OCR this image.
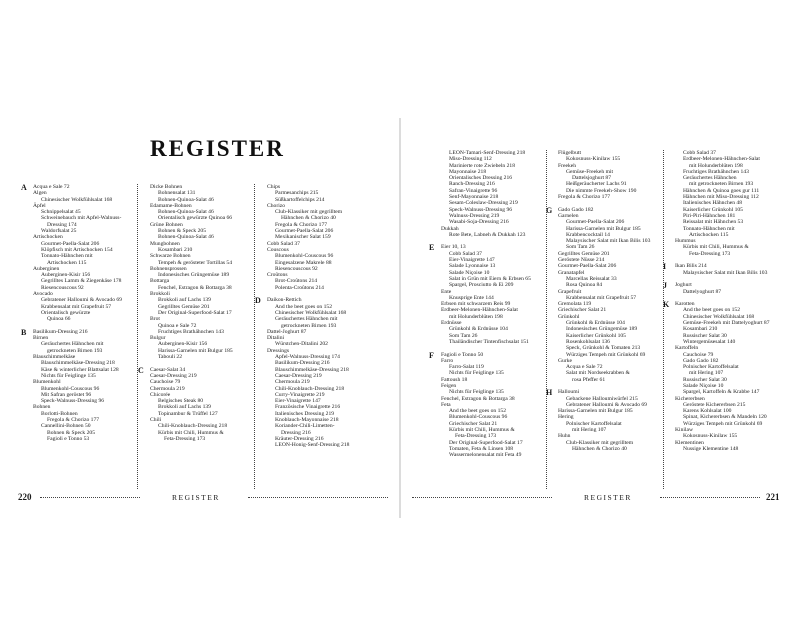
REGISTER
A Acqua e Sale 72
Algen
Chinesischer Wolkfühlsalat 168
Äpfel
Schnippelsalat 45
Schweinebauch mit Apfel-Walnuss-
Dressing 174
Waldorfsalat 25
Artischocken
Gourmet-Paella-Salat 206
Klöpfisch mit Artischocken 154
Tonnato-Hähnchen mit
Artischocken 115
Auberginen
Auberginen-Kisir 156
Gegrilltes Lamm & Ziegenkäse 178
Riesencouscous 92
Avocado
Gebratener Halloumi & Avocado 69
Krabbensalat mit Grapefruit 57
Orientalisch gewürzte
Quinoa 66

B Basilikum-Dressing 216
Birnen
Geräuchertes Hähnchen mit
getrockneten Birnen 193
Blauschimmelkäse
Blauschimmelkäse-Dressing 218
Käse & winterlicher Blattsalat 128
Nichts für Feiglinge 135
Blumenkohl
Blumenkohl-Couscous 96
Mit Safran geröstet 96
Speck-Walnuss-Dressing 96
Bohnen
Borlotti-Bohnen
Fregola & Chorizo 177
Cannellini-Bohnen 50
Bohnen & Speck 205
Fagioli e Tonno 53
Dicke Bohnen
Bohnensalat 131
Bohnen-Quinoa-Salat 46
Edamame-Bohnen
Bohnen-Quinoa-Salat 46
Orientalisch gewürzte Quinoa 66
Grüne Bohnen
Bohnen & Speck 205
Bohnen-Quinoa-Salat 46
Mungbohnen
Kosambari 210
Schwarze Bohnen
Tempeh & gerösteter Tortillas 54
Bohnensprossen
Indonesisches Grüngemüse 189
Bottarga
Fenchel, Estragon & Bottarga 38
Brokkoli
Brokkoli auf Lachs 139
Gegrilltes Gemüse 201
Der Original-Superfood-Salat 17
Brot
Quinoa e Sale 72
Fruchtiges Brathähnchen 143
Bulgur
Auberginen-Kisir 156
Harissa-Garnelen mit Bulgur 185
Tabouli 22

C Caesar-Salat 34
Caesar-Dressing 219
Cauchoise 79
Chermoula 219
Chicorée
Belgisches Steak 80
Brokkoli auf Lachs 139
Topinambur & Trüffel 127
Chili
Chili-Knoblauch-Dressing 218
Kürbis mit Chili, Hummus &
Feta-Dressing 173
Chips
Parmesanchips 215
Süßkartoffelchips 214
Chorizo
Club-Klassiker mit gegrilltem
Hähnchen & Chorizo 40
Fregola & Chorizo 177
Gourmet-Paella-Salat 206
Mexikanischer Salat 159
Cobb Salad 37
Couscous
Blumenkohl-Couscous 96
Eingesalzene Makrele 88
Riesencouscous 92
Croûtons
Brot-Croûtons 214
Polenta-Croûtons 214

D Daikon-Rettich
And the beet goes on 152
Chinesischer Wolkfühlsalat 168
Geräuchertes Hähnchen mit
getrockneten Birnen 193
Dattel-Joghurt 87
Ditalini
Würstchen-Ditalini 202
Dressings
Apfel-Walnuss-Dressing 174
Basilikum-Dressing 216
Blauschimmelkäse-Dressing 218
Caesar-Dressing 219
Chermoula 219
Chili-Knoblauch-Dressing 218
Curry-Vinaigrette 219
Eier-Vinaigrette 147
Französische Vinaigrette 216
Italienisches Dressing 219
Knoblauch-Mayonnaise 218
Koriander-Chili-Limetten-
Dressing 216
Kräuter-Dressing 216
LEON-Honig-Senf-Dressing 218
LEON-Tamari-Senf-Dressing 218
Miso-Dressing 112
Marinierte rote Zwiebeln 218
Mayonnaise 218
Orientalisches Dressing 216
Ranch-Dressing 216
Safran-Vinaigrette 96
Senf-Mayonnaise 218
Sesam-Coleslaw-Dressing 219
Speck-Walnuss-Dressing 96
Walnuss-Dressing 219
Wasabi-Soja-Dressing 216
Dukkah
Rote Bete, Labneh & Dukkah 123

E Eier 10, 13
Cobb Salad 37
Eier-Vinaigrette 147
Salade Lyonnaise 13
Salade Niçoise 10
Salat in Grün mit Eiern & Erbsen 65
Spargel, Prosciutto & Ei 209
Ente
Knusprige Ente 144
Erbsen mit schwarzem Reis 99
Erdbeer-Melonen-Hähnchen-Salat
mit Holunderblüten 198
Erdnüsse
Grünkohl & Erdnüsse 104
Som Tam 26
Thailändischer Tintenfischsalat 151

F Fagioli e Tonno 50
Farro
Farro-Salat 119
Nichts für Feiglinge 135
Fattoush 18
Feigen
Nichts für Feiglinge 135
Fenchel, Estragon & Bottarga 38
Feta
And the beet goes on 152
Blumenkohl-Couscous 96
Griechischer Salat 21
Kürbis mit Chili, Hummus &
Feta-Dressing 173
Der Original-Superfood-Salat 17
Tomaten, Feta & Linsen 108
Wassermelonensalat mit Feta 49
Flügelbutt
Kokosnuss-Kinilaw 155
Freekeh
Gemüse-Freekeh mit
Dattelsjoghurt 87
Heißgeräucherter Lachs 91
Die nimmte Freekeh-Show 190
Fregola & Chorizo 177

G Gado Gado 182
Garnelen
Gourmet-Paella-Salat 206
Harissa-Garnelen mit Bulgur 185
Krabbencocktail 14
Malaysischer Salat mit Ikan Bilis 103
Som Tam 26
Gegrilltes Gemüse 201
Geröstete Nüsse 214
Gourmet-Paella-Salat 206
Granatapfel
Marcellas Reissalat 33
Rosa Quinoa 84
Grapefruit
Krabbensalat mit Grapefruit 57
Gremolata 119
Griechischer Salat 21
Grünkohl
Grünkohl & Erdnüsse 104
Indonesisches Grüngemüse 189
Kaiserlicher Grünkohl 105
Rosenkohlsalat 136
Speck, Grünkohl & Tomaten 213
Würziges Tempeh mit Grünkohl 69
Gurke
Acqua e Sale 72
Salat mit Nordseekrabben &
rosa Pfeffer 61

H Halloumi
Gebackene Halloumiwürfel 215
Gebratener Halloumi & Avocado 69
Harissa-Garnelen mit Bulgur 185
Hering
Polnischer Kartoffelsalat
mit Hering 107
Huhn
Club-Klassiker mit gegrilltem
Hähnchen & Chorizo 40
Cobb Salad 37
Erdbeer-Melonen-Hähnchen-Salat
mit Holunderblüten 198
Fruchtiges Brathähnchen 143
Geräuchertes Hähnchen
mit getrockneten Birnen 193
Hähnchen & Quinoa goes gur 111
Hähnchen mit Miso-Dressing 112
Italienisches Hähnchen 48
Kaiserlicher Grünkohl 105
Piri-Piri-Hähnchen 181
Reissalat mit Hähnchen 53
Tonnato-Hähnchen mit
Artischocken 115
Hummus
Kürbis mit Chili, Hummus &
Feta-Dressing 173

I Ikan Bilis 214
Malaysischer Salat mit Ikan Bilis 103

J Joghurt
Dattelyoghurt 87

K Karotten
And the beet goes on 152
Chinesischer Wolkfühlsalat 168
Gemüse-Freekeh mit Dattelyoghurt 87
Kosambari 210
Russischer Salat 30
Wintergemüsesalat 140
Kartoffeln
Cauchoise 79
Gado Gado 182
Polnischer Kartoffelsalat
mit Hering 107
Russischer Salat 30
Salade Niçoise 10
Spargel, Kartoffeln & Krabbe 147
Kichererbsen
Geröstete Kichererbsen 215
Karens Kohlsalat 100
Spinat, Kichererbsen & Mandeln 120
Würziges Tempeh mit Grünkohl 69
Kinilaw
Kokosnuss-Kinilaw 155
Klementinen
Nussige Klementine 148
220	REGISTER	REGISTER	221
